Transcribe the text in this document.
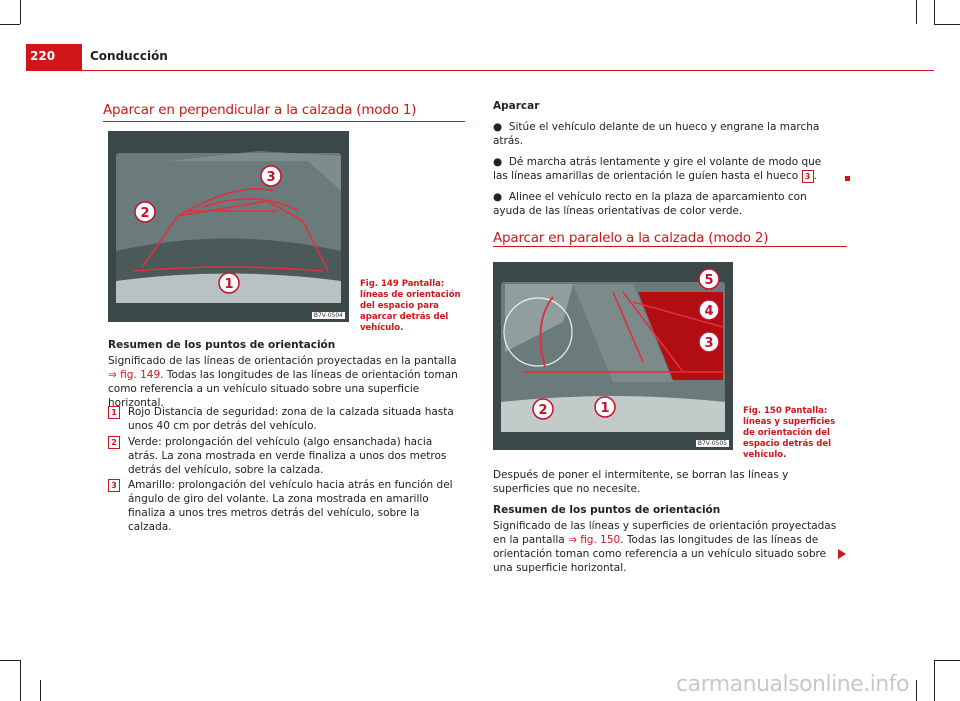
220	Conducción
Aparcar en perpendicular a la calzada (modo 1)
1
2
3
B7V-0504
Fig. 149 Pantalla: líneas de orientación del espacio para aparcar detrás del vehículo.

Resumen de los puntos de orientación

Significado de las líneas de orientación proyectadas en la pantalla
⇒ fig. 149. Todas las longitudes de las líneas de orientación toman como referencia a un vehículo situado sobre una superficie horizontal.

1	Rojo Distancia de seguridad: zona de la calzada situada hasta unos 40 cm por detrás del vehículo.
2	Verde: prolongación del vehículo (algo ensanchada) hacia atrás. La zona mostrada en verde finaliza a unos dos metros detrás del vehículo, sobre la calzada.
3	Amarillo: prolongación del vehículo hacia atrás en función del ángulo de giro del volante. La zona mostrada en amarillo finaliza a unos tres metros detrás del vehículo, sobre la calzada.

Aparcar

●  Sitúe el vehículo delante de un hueco y engrane la marcha atrás.

●  Dé marcha atrás lentamente y gire el volante de modo que las líneas amarillas de orientación le guíen hasta el hueco 3 .

●  Alinee el vehículo recto en la plaza de aparcamiento con ayuda de las líneas orientativas de color verde.

Aparcar en paralelo a la calzada (modo 2)
1
2
3
4
5
B7V-0505
Fig. 150 Pantalla: líneas y superficies de orientación del espacio detrás del vehículo.

Después de poner el intermitente, se borran las líneas y superficies que no necesite.

Resumen de los puntos de orientación

Significado de las líneas y superficies de orientación proyectadas en la pantalla ⇒ fig. 150. Todas las longitudes de las líneas de orientación toman como referencia a un vehículo situado sobre una superficie horizontal.

carmanualsonline.info
